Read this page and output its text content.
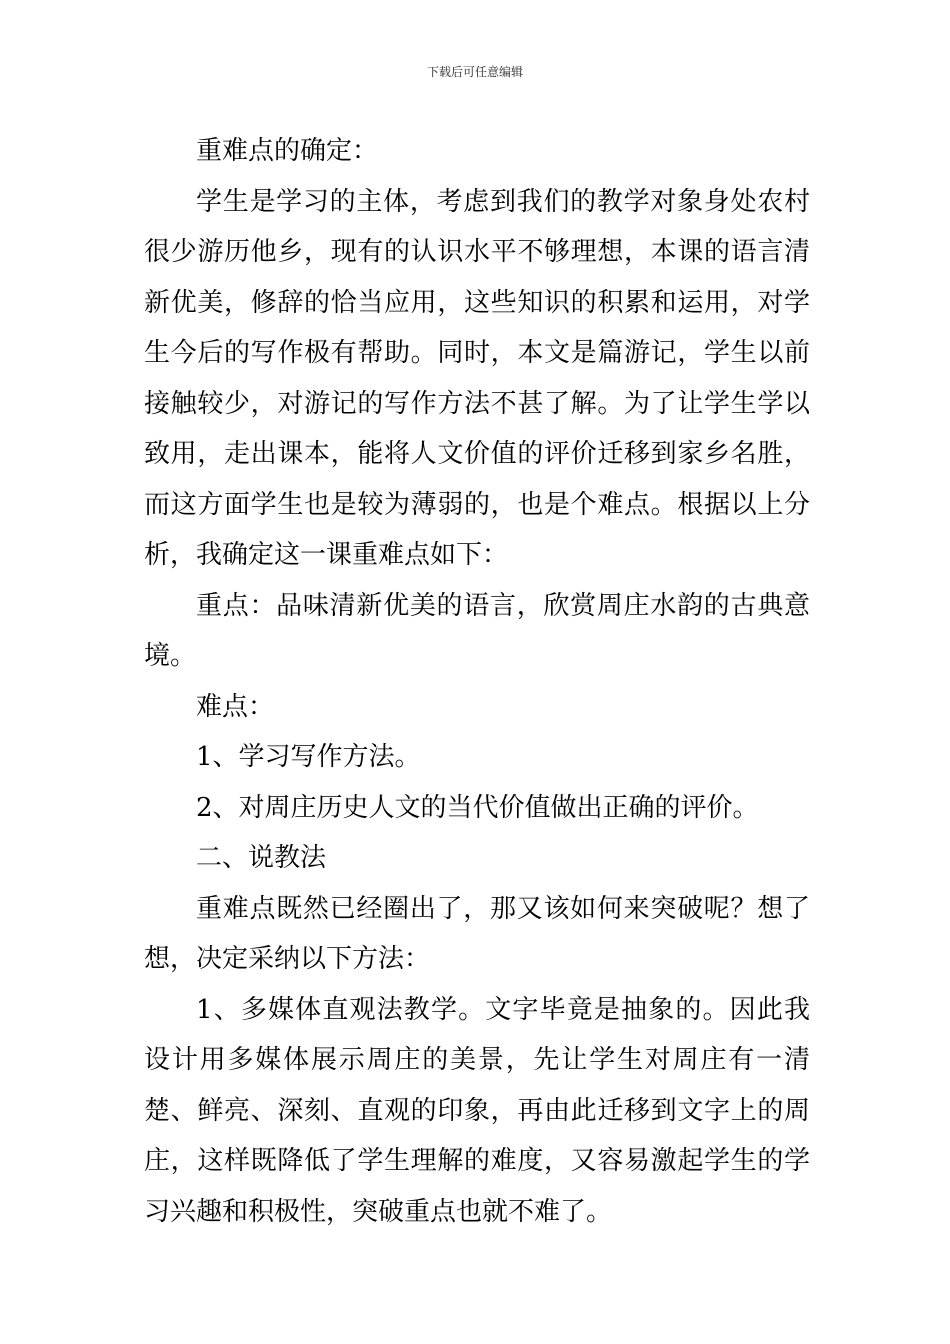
下载后可任意编辑

重难点的确定：

学生是学习的主体，考虑到我们的教学对象身处农村很少游历他乡，现有的认识水平不够理想，本课的语言清新优美，修辞的恰当应用，这些知识的积累和运用，对学生今后的写作极有帮助。同时，本文是篇游记，学生以前接触较少，对游记的写作方法不甚了解。为了让学生学以致用，走出课本，能将人文价值的评价迁移到家乡名胜，而这方面学生也是较为薄弱的，也是个难点。根据以上分析，我确定这一课重难点如下：

重点：品味清新优美的语言，欣赏周庄水韵的古典意境。

难点：

1、学习写作方法。

2、对周庄历史人文的当代价值做出正确的评价。

二、说教法

重难点既然已经圈出了，那又该如何来突破呢？想了想，决定采纳以下方法：

1、多媒体直观法教学。文字毕竟是抽象的。因此我设计用多媒体展示周庄的美景，先让学生对周庄有一清楚、鲜亮、深刻、直观的印象，再由此迁移到文字上的周庄，这样既降低了学生理解的难度，又容易激起学生的学习兴趣和积极性，突破重点也就不难了。
